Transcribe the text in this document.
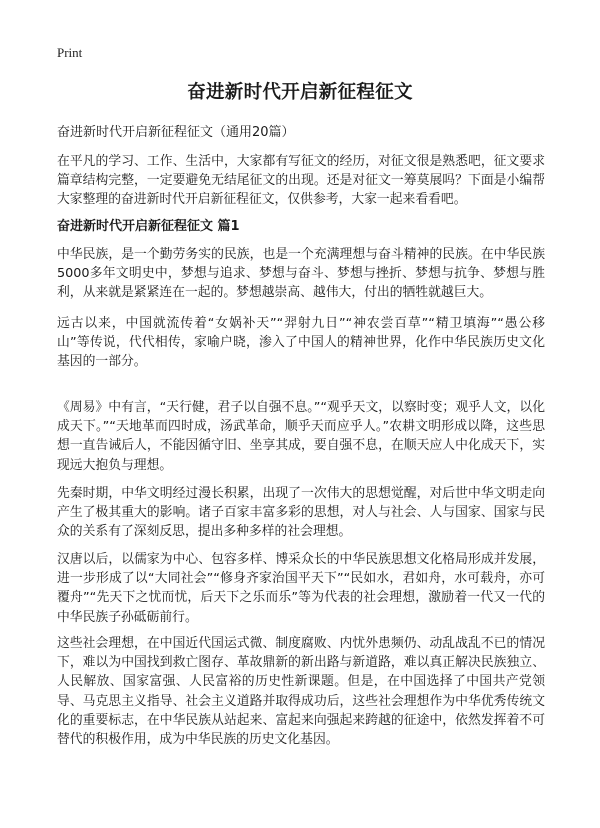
Print
奋进新时代开启新征程征文

奋进新时代开启新征程征文（通用20篇）

在平凡的学习、工作、生活中，大家都有写征文的经历，对征文很是熟悉吧，征文要求篇章结构完整，一定要避免无结尾征文的出现。还是对征文一筹莫展吗？下面是小编帮大家整理的奋进新时代开启新征程征文，仅供参考，大家一起来看看吧。

奋进新时代开启新征程征文 篇1

中华民族，是一个勤劳务实的民族，也是一个充满理想与奋斗精神的民族。在中华民族5000多年文明史中，梦想与追求、梦想与奋斗、梦想与挫折、梦想与抗争、梦想与胜利，从来就是紧紧连在一起的。梦想越崇高、越伟大，付出的牺牲就越巨大。

远古以来，中国就流传着“女娲补天”“羿射九日”“神农尝百草”“精卫填海”“愚公移山”等传说，代代相传，家喻户晓，渗入了中国人的精神世界，化作中华民族历史文化基因的一部分。

《周易》中有言，“天行健，君子以自强不息。”“观乎天文，以察时变；观乎人文，以化成天下。”“天地革而四时成，汤武革命，顺乎天而应乎人。”农耕文明形成以降，这些思想一直告诫后人，不能因循守旧、坐享其成，要自强不息，在顺天应人中化成天下，实现远大抱负与理想。

先秦时期，中华文明经过漫长积累，出现了一次伟大的思想觉醒，对后世中华文明走向产生了极其重大的影响。诸子百家丰富多彩的思想，对人与社会、人与国家、国家与民众的关系有了深刻反思，提出多种多样的社会理想。

汉唐以后，以儒家为中心、包容多样、博采众长的中华民族思想文化格局形成并发展，进一步形成了以“大同社会”“修身齐家治国平天下”“民如水，君如舟，水可载舟，亦可覆舟”“先天下之忧而忧，后天下之乐而乐”等为代表的社会理想，激励着一代又一代的中华民族子孙砥砺前行。

这些社会理想，在中国近代国运式微、制度腐败、内忧外患频仍、动乱战乱不已的情况下，难以为中国找到救亡图存、革故鼎新的新出路与新道路，难以真正解决民族独立、人民解放、国家富强、人民富裕的历史性新课题。但是，在中国选择了中国共产党领导、马克思主义指导、社会主义道路并取得成功后，这些社会理想作为中华优秀传统文化的重要标志，在中华民族从站起来、富起来向强起来跨越的征途中，依然发挥着不可替代的积极作用，成为中华民族的历史文化基因。
